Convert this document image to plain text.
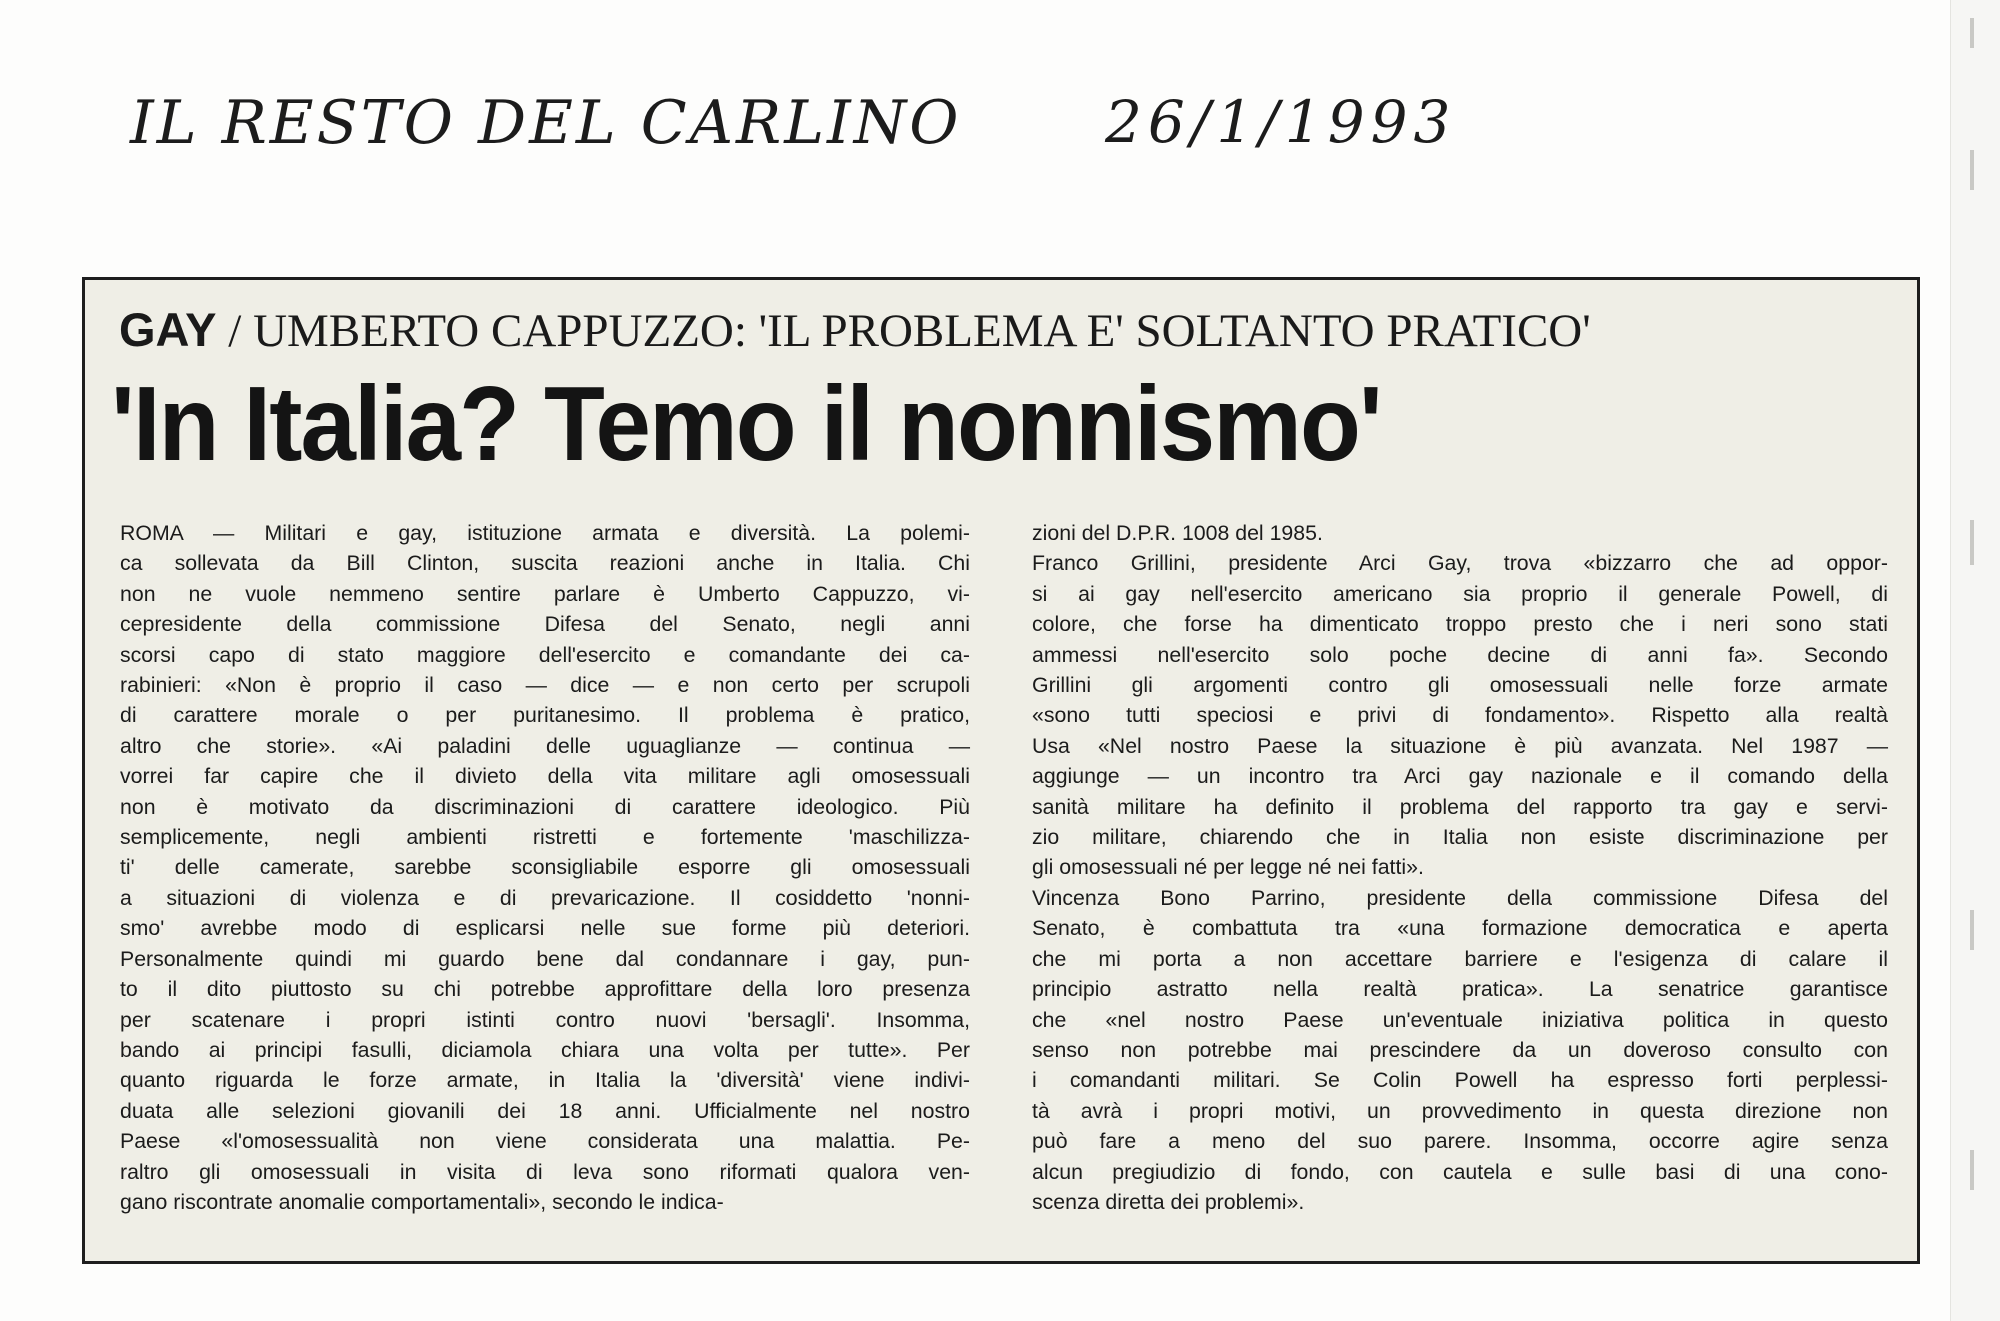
IL RESTO DEL CARLINO 26/1/1993
GAY / UMBERTO CAPPUZZO: 'IL PROBLEMA E' SOLTANTO PRATICO'
'In Italia? Temo il nonnismo'
ROMA — Militari e gay, istituzione armata e diversità. La polemi-
ca sollevata da Bill Clinton, suscita reazioni anche in Italia. Chi
non ne vuole nemmeno sentire parlare è Umberto Cappuzzo, vi-
cepresidente della commissione Difesa del Senato, negli anni
scorsi capo di stato maggiore dell'esercito e comandante dei ca-
rabinieri: «Non è proprio il caso — dice — e non certo per scrupoli
di carattere morale o per puritanesimo. Il problema è pratico,
altro che storie». «Ai paladini delle uguaglianze — continua —
vorrei far capire che il divieto della vita militare agli omosessuali
non è motivato da discriminazioni di carattere ideologico. Più
semplicemente, negli ambienti ristretti e fortemente 'maschilizza-
ti' delle camerate, sarebbe sconsigliabile esporre gli omosessuali
a situazioni di violenza e di prevaricazione. Il cosiddetto 'nonni-
smo' avrebbe modo di esplicarsi nelle sue forme più deteriori.
Personalmente quindi mi guardo bene dal condannare i gay, pun-
to il dito piuttosto su chi potrebbe approfittare della loro presenza
per scatenare i propri istinti contro nuovi 'bersagli'. Insomma,
bando ai principi fasulli, diciamola chiara una volta per tutte». Per
quanto riguarda le forze armate, in Italia la 'diversità' viene indivi-
duata alle selezioni giovanili dei 18 anni. Ufficialmente nel nostro
Paese «l'omosessualità non viene considerata una malattia. Pe-
raltro gli omosessuali in visita di leva sono riformati qualora ven-
gano riscontrate anomalie comportamentali», secondo le indica-
zioni del D.P.R. 1008 del 1985.
Franco Grillini, presidente Arci Gay, trova «bizzarro che ad oppor-
si ai gay nell'esercito americano sia proprio il generale Powell, di
colore, che forse ha dimenticato troppo presto che i neri sono stati
ammessi nell'esercito solo poche decine di anni fa». Secondo
Grillini gli argomenti contro gli omosessuali nelle forze armate
«sono tutti speciosi e privi di fondamento». Rispetto alla realtà
Usa «Nel nostro Paese la situazione è più avanzata. Nel 1987 —
aggiunge — un incontro tra Arci gay nazionale e il comando della
sanità militare ha definito il problema del rapporto tra gay e servi-
zio militare, chiarendo che in Italia non esiste discriminazione per
gli omosessuali né per legge né nei fatti».
Vincenza Bono Parrino, presidente della commissione Difesa del
Senato, è combattuta tra «una formazione democratica e aperta
che mi porta a non accettare barriere e l'esigenza di calare il
principio astratto nella realtà pratica». La senatrice garantisce
che «nel nostro Paese un'eventuale iniziativa politica in questo
senso non potrebbe mai prescindere da un doveroso consulto con
i comandanti militari. Se Colin Powell ha espresso forti perplessi-
tà avrà i propri motivi, un provvedimento in questa direzione non
può fare a meno del suo parere. Insomma, occorre agire senza
alcun pregiudizio di fondo, con cautela e sulle basi di una cono-
scenza diretta dei problemi».
